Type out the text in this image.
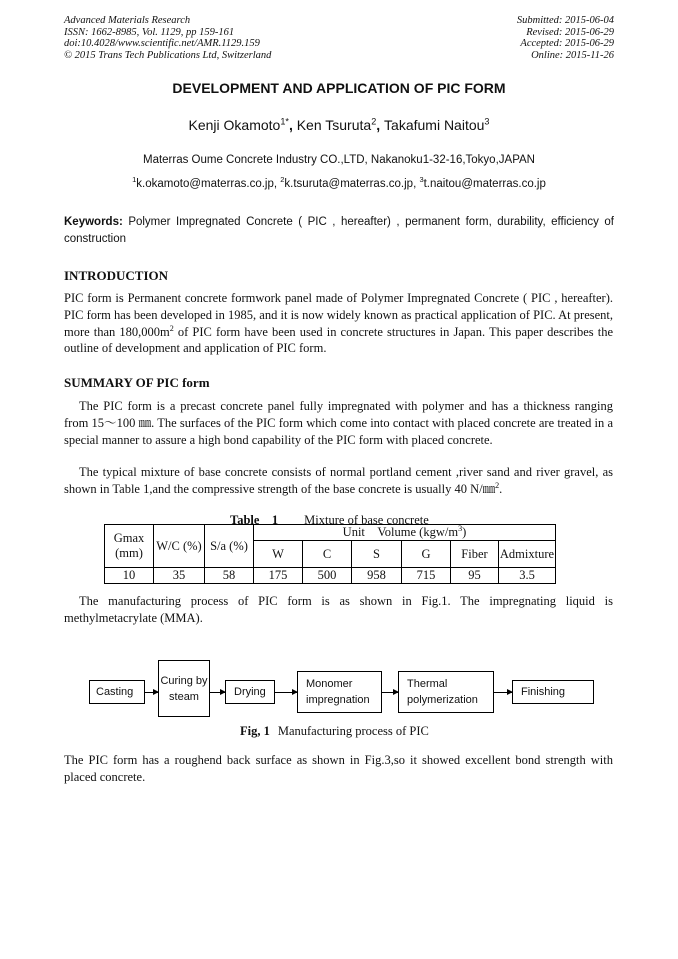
Advanced Materials Research
ISSN: 1662-8985, Vol. 1129, pp 159-161
doi:10.4028/www.scientific.net/AMR.1129.159
© 2015 Trans Tech Publications Ltd, Switzerland
Submitted: 2015-06-04
Revised: 2015-06-29
Accepted: 2015-06-29
Online: 2015-11-26
DEVELOPMENT AND APPLICATION OF PIC FORM
Kenji Okamoto$^{1*}$, Ken Tsuruta$^2$, Takafumi Naitou$^3$
Materras Oume Concrete Industry CO.,LTD, Nakanoku1-32-16,Tokyo,JAPAN
$^1$k.okamoto@materras.co.jp, $^2$k.tsuruta@materras.co.jp, $^3$t.naitou@materras.co.jp
Keywords: Polymer Impregnated Concrete ( PIC , hereafter) , permanent form, durability, efficiency of construction
INTRODUCTION
PIC form is Permanent concrete formwork panel made of Polymer Impregnated Concrete ( PIC , hereafter). PIC form has been developed in 1985, and it is now widely known as practical application of PIC. At present, more than $180,000m^2$ of PIC form have been used in concrete structures in Japan. This paper describes the outline of development and application of PIC form.
SUMMARY OF PIC form
The PIC form is a precast concrete panel fully impregnated with polymer and has a thickness ranging from 15～100 ㎜. The surfaces of the PIC form which come into contact with placed concrete are treated in a special manner to assure a high bond capability of the PIC form with placed concrete.
The typical mixture of base concrete consists of normal portland cement ,river sand and river gravel, as shown in Table 1,and the compressive strength of the base concrete is usually 40 N/㎜$^2$.
Table　1 Mixture of base concrete
Gmax (mm)	W/C (%)	S/a (%)	Unit　Volume $(kgw/m^3)$					
			W	C	S	G	Fiber	Admixture
10	35	58	175	500	958	715	95	3.5
The manufacturing process of PIC form is as shown in Fig.1. The impregnating liquid is methylmetacrylate (MMA).
Casting
Curing by steam	Drying
Monomer impregnation
Thermal polymerization
Finishing
Fig, 1 Manufacturing process of PIC
The PIC form has a roughend back surface as shown in Fig.3,so it showed excellent bond strength with placed concrete.
